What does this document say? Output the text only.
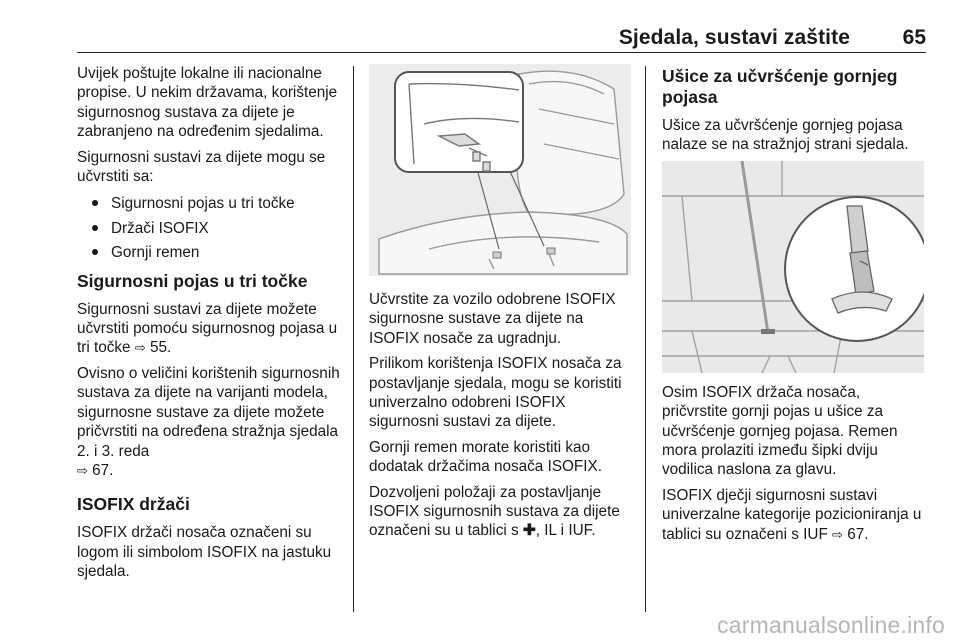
Sjedala, sustavi zaštite	65

Uvijek poštujte lokalne ili nacionalne propise. U nekim državama, korištenje sigurnosnog sustava za dijete je zabranjeno na određenim sjedalima.

Sigurnosni sustavi za dijete mogu se učvrstiti sa:

Sigurnosni pojas u tri točke
Držači ISOFIX
Gornji remen
Sigurnosni pojas u tri točke

Sigurnosni sustavi za dijete možete učvrstiti pomoću sigurnosnog pojasa u tri točke ⇨ 55.

Ovisno o veličini korištenih sigurnosnih sustava za dijete na varijanti modela, sigurnosne sustave za dijete možete pričvrstiti na određena stražnja sjedala 2. i 3. reda
⇨ 67.

ISOFIX držači

ISOFIX držači nosača označeni su logom ili simbolom ISOFIX na jastuku sjedala.

Učvrstite za vozilo odobrene ISOFIX sigurnosne sustave za dijete na ISOFIX nosače za ugradnju.

Prilikom korištenja ISOFIX nosača za postavljanje sjedala, mogu se koristiti univerzalno odobreni ISOFIX sigurnosni sustavi za dijete.

Gornji remen morate koristiti kao dodatak držačima nosača ISOFIX.

Dozvoljeni položaji za postavljanje ISOFIX sigurnosnih sustava za dijete označeni su u tablici s ✚, IL i IUF.

Ušice za učvršćenje gornjeg pojasa

Ušice za učvršćenje gornjeg pojasa nalaze se na stražnjoj strani sjedala.

Osim ISOFIX držača nosača, pričvrstite gornji pojas u ušice za učvršćenje gornjeg pojasa. Remen mora prolaziti između šipki dviju vodilica naslona za glavu.

ISOFIX dječji sigurnosni sustavi univerzalne kategorije pozicioniranja u tablici su označeni s IUF ⇨ 67.

carmanualsonline.info
